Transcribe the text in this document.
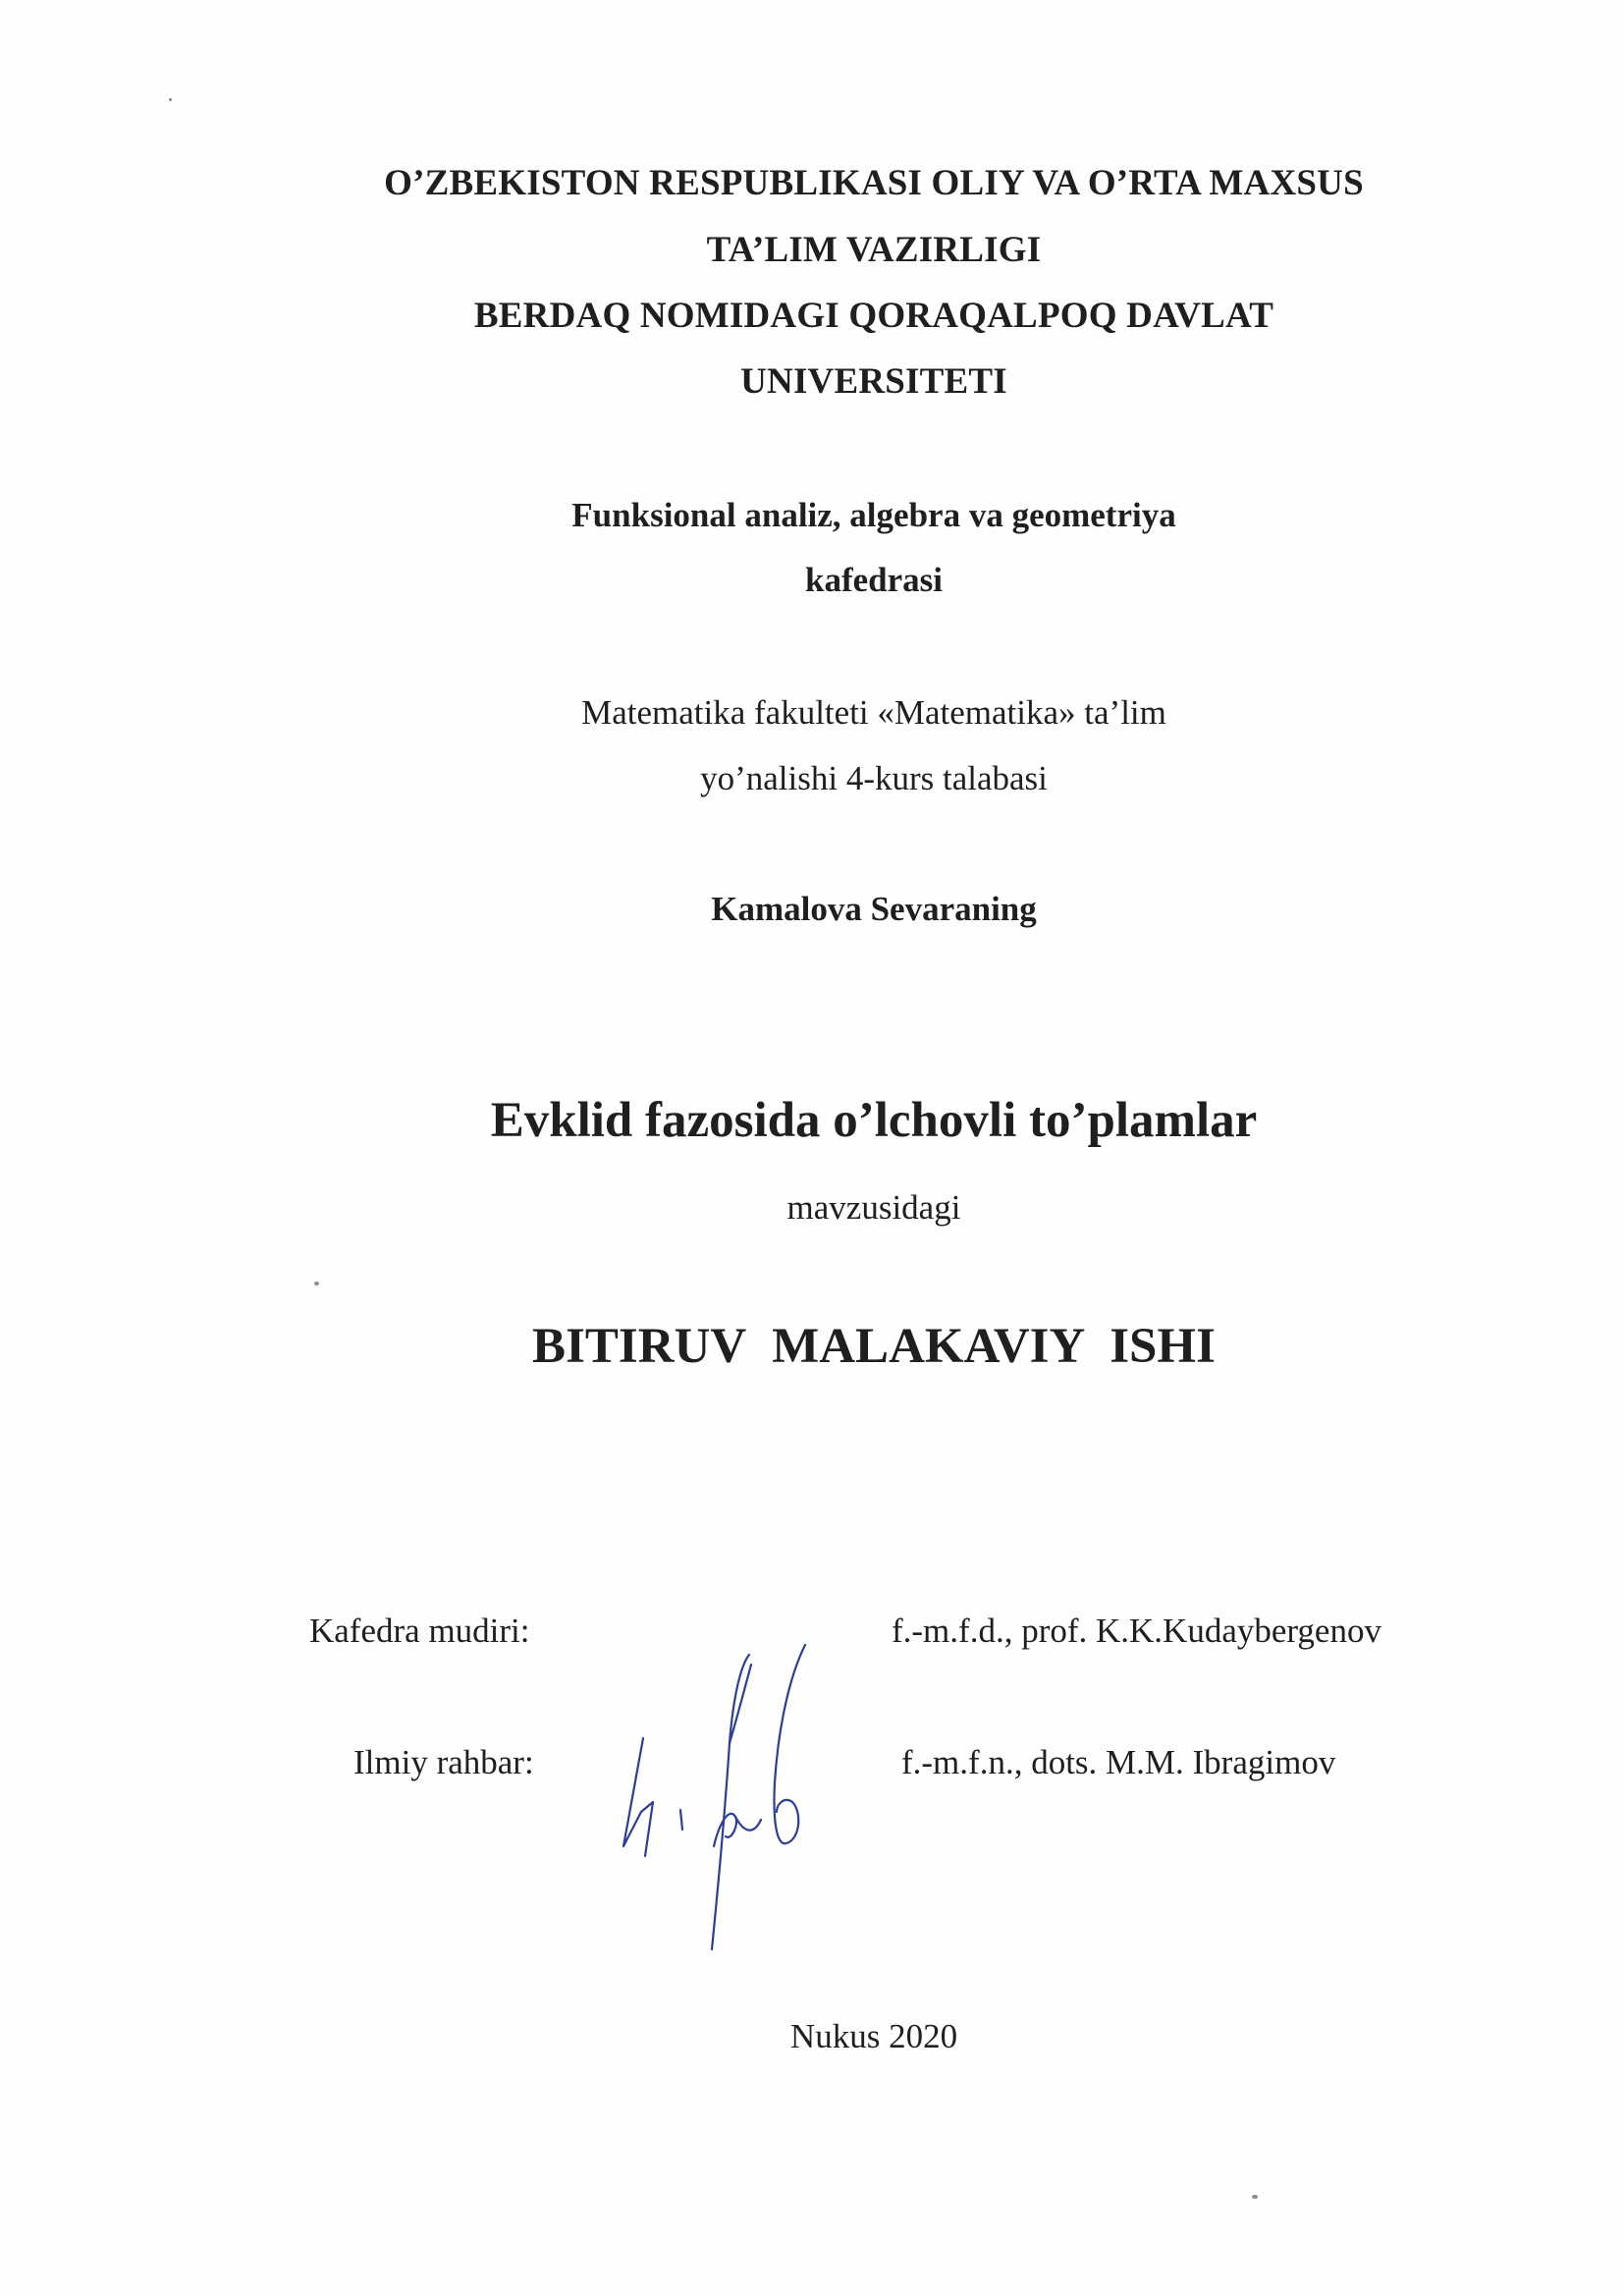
O’ZBEKISTON RESPUBLIKASI OLIY VA O’RTA MAXSUS
TA’LIM VAZIRLIGI
BERDAQ NOMIDAGI QORAQALPOQ DAVLAT
UNIVERSITETI
Funksional analiz, algebra va geometriya
kafedrasi
Matematika fakulteti «Matematika» ta’lim
yo’nalishi 4-kurs talabasi
Kamalova Sevaraning
Evklid fazosida o’lchovli to’plamlar
mavzusidagi
BITIRUV MALAKAVIY ISHI
Kafedra mudiri:	f.-m.f.d., prof. K.K.Kudaybergenov
Ilmiy rahbar:	f.-m.f.n., dots. M.M. Ibragimov
Nukus 2020
